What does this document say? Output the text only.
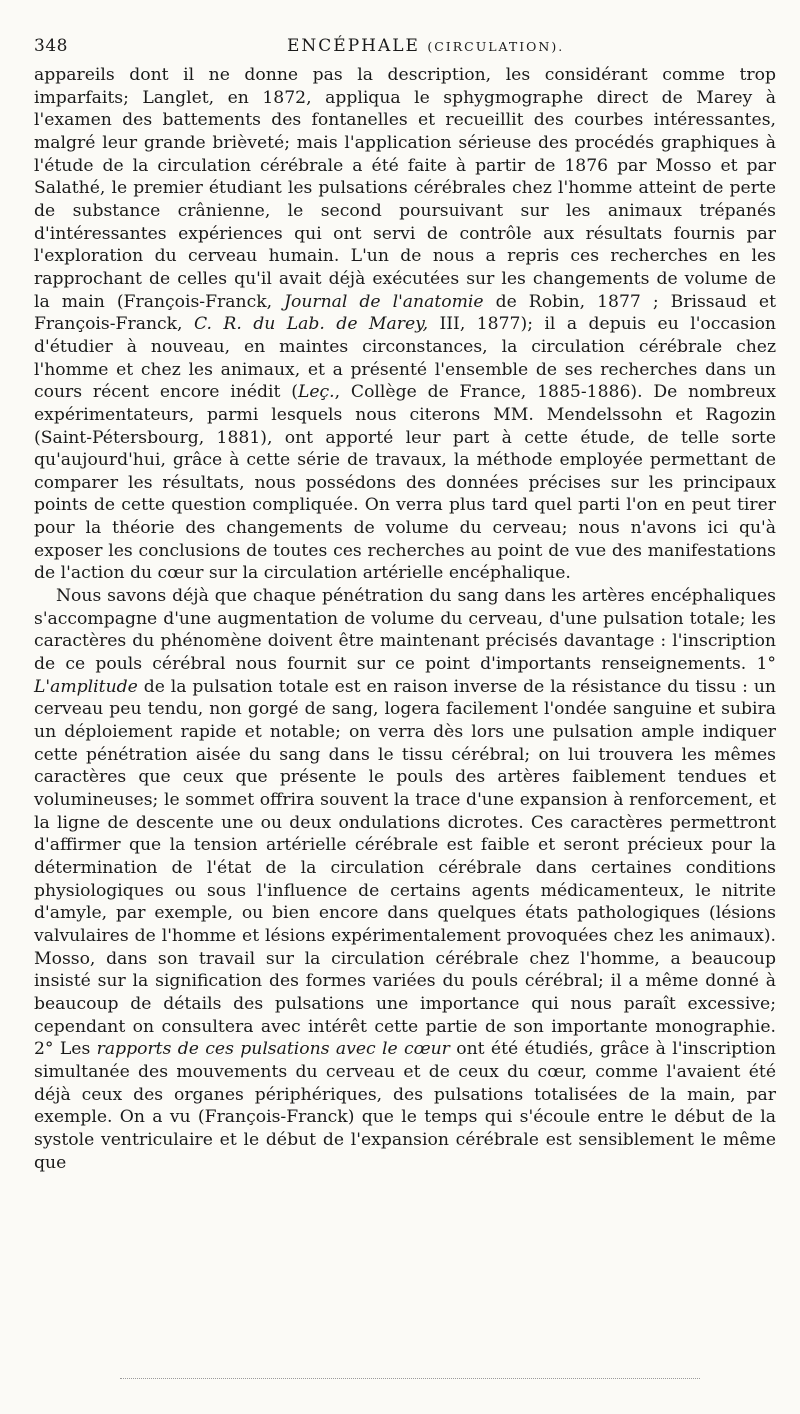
348	ENCÉPHALE (CIRCULATION).

appareils dont il ne donne pas la description, les considérant comme trop imparfaits; Langlet, en 1872, appliqua le sphygmographe direct de Marey à l'examen des battements des fontanelles et recueillit des courbes intéressantes, malgré leur grande brièveté; mais l'application sérieuse des procédés graphiques à l'étude de la circulation cérébrale a été faite à partir de 1876 par Mosso et par Salathé, le premier étudiant les pulsations cérébrales chez l'homme atteint de perte de substance crânienne, le second poursuivant sur les animaux trépanés d'intéressantes expériences qui ont servi de contrôle aux résultats fournis par l'exploration du cerveau humain. L'un de nous a repris ces recherches en les rapprochant de celles qu'il avait déjà exécutées sur les changements de volume de la main (François-Franck, Journal de l'anatomie de Robin, 1877 ; Brissaud et François-Franck, C. R. du Lab. de Marey, III, 1877); il a depuis eu l'occasion d'étudier à nouveau, en maintes circonstances, la circulation cérébrale chez l'homme et chez les animaux, et a présenté l'ensemble de ses recherches dans un cours récent encore inédit (Leç., Collège de France, 1885-1886). De nombreux expérimentateurs, parmi lesquels nous citerons MM. Mendelssohn et Ragozin (Saint-Pétersbourg, 1881), ont apporté leur part à cette étude, de telle sorte qu'aujourd'hui, grâce à cette série de travaux, la méthode employée permettant de comparer les résultats, nous possédons des données précises sur les principaux points de cette question compliquée. On verra plus tard quel parti l'on en peut tirer pour la théorie des changements de volume du cerveau; nous n'avons ici qu'à exposer les conclusions de toutes ces recherches au point de vue des manifestations de l'action du cœur sur la circulation artérielle encéphalique.

Nous savons déjà que chaque pénétration du sang dans les artères encéphaliques s'accompagne d'une augmentation de volume du cerveau, d'une pulsation totale; les caractères du phénomène doivent être maintenant précisés davantage : l'inscription de ce pouls cérébral nous fournit sur ce point d'importants renseignements. 1° L'amplitude de la pulsation totale est en raison inverse de la résistance du tissu : un cerveau peu tendu, non gorgé de sang, logera facilement l'ondée sanguine et subira un déploiement rapide et notable; on verra dès lors une pulsation ample indiquer cette pénétration aisée du sang dans le tissu cérébral; on lui trouvera les mêmes caractères que ceux que présente le pouls des artères faiblement tendues et volumineuses; le sommet offrira souvent la trace d'une expansion à renforcement, et la ligne de descente une ou deux ondulations dicrotes. Ces caractères permettront d'affirmer que la tension artérielle cérébrale est faible et seront précieux pour la détermination de l'état de la circulation cérébrale dans certaines conditions physiologiques ou sous l'influence de certains agents médicamenteux, le nitrite d'amyle, par exemple, ou bien encore dans quelques états pathologiques (lésions valvulaires de l'homme et lésions expérimentalement provoquées chez les animaux). Mosso, dans son travail sur la circulation cérébrale chez l'homme, a beaucoup insisté sur la signification des formes variées du pouls cérébral; il a même donné à beaucoup de détails des pulsations une importance qui nous paraît excessive; cependant on consultera avec intérêt cette partie de son importante monographie. 2° Les rapports de ces pulsations avec le cœur ont été étudiés, grâce à l'inscription simultanée des mouvements du cerveau et de ceux du cœur, comme l'avaient été déjà ceux des organes périphériques, des pulsations totalisées de la main, par exemple. On a vu (François-Franck) que le temps qui s'écoule entre le début de la systole ventriculaire et le début de l'expansion cérébrale est sensiblement le même que
